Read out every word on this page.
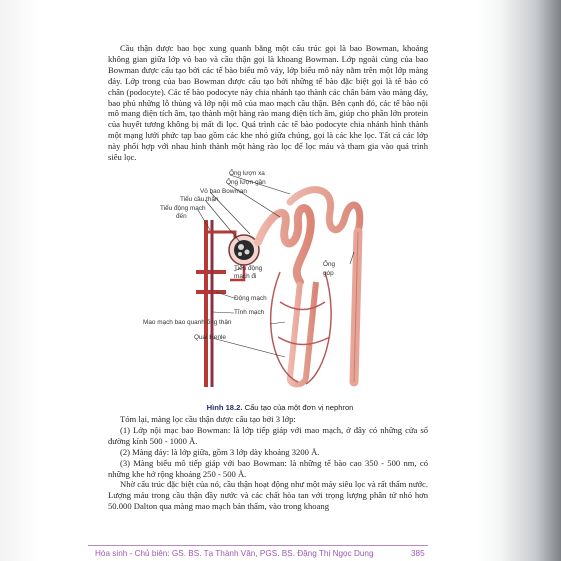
Cầu thận được bao bọc xung quanh bằng một cấu trúc gọi là bao Bowman, khoảng không gian giữa lớp vỏ bao và cầu thận gọi là khoang Bowman. Lớp ngoài cùng của bao Bowman được cấu tạo bởi các tế bào biểu mô vảy, lớp biểu mô này nằm trên một lớp màng đáy. Lớp trong của bao Bowman được cấu tạo bởi những tế bào đặc biệt gọi là tế bào có chân (podocyte). Các tế bào podocyte này chia nhánh tạo thành các chân bám vào màng đáy, bao phủ những lỗ thủng và lớp nội mô của mao mạch cầu thận. Bên cạnh đó, các tế bào nội mô mang điện tích âm, tạo thành một hàng rào mang điện tích âm, giúp cho phần lớn protein của huyết tương không bị mất đi lọc. Quá trình các tế bào podocyte chia nhánh hình thành một mạng lưới phức tạp bao gồm các khe nhỏ giữa chúng, gọi là các khe lọc. Tất cả các lớp này phối hợp với nhau hình thành một hàng rào lọc để lọc máu và tham gia vào quá trình siêu lọc.

Ống lượn xa
Ống lượn gần
Vỏ bao Bowman
Tiểu cầu thận
Tiểu động mạch
đến
Tiểu động
mạch đi
Động mạch
Tĩnh mạch
Mao mạch bao quanh ống thận
Quai Henle
Ống
góp
Hình 18.2. Cấu tạo của một đơn vị nephron

Tóm lại, màng lọc cầu thận được cấu tạo bởi 3 lớp:

(1) Lớp nội mạc bao Bowman: là lớp tiếp giáp với mao mạch, ở đây có những cửa sổ đường kính 500 - 1000 Å.

(2) Màng đáy: là lớp giữa, gồm 3 lớp dày khoảng 3200 Å.

(3) Màng biểu mô tiếp giáp với bao Bowman: là những tế bào cao 350 - 500 nm, có những khe hở rộng khoảng 250 - 500 Å.

Nhờ cấu trúc đặc biệt của nó, cầu thận hoạt động như một máy siêu lọc và rất thẩm nước. Lượng máu trong cầu thận đầy nước và các chất hòa tan với trọng lượng phân tử nhỏ hơn 50.000 Dalton qua màng mao mạch bản thấm, vào trong khoang

Hóa sinh - Chủ biên: GS. BS. Tạ Thành Văn, PGS. BS. Đặng Thị Ngọc Dung	385
